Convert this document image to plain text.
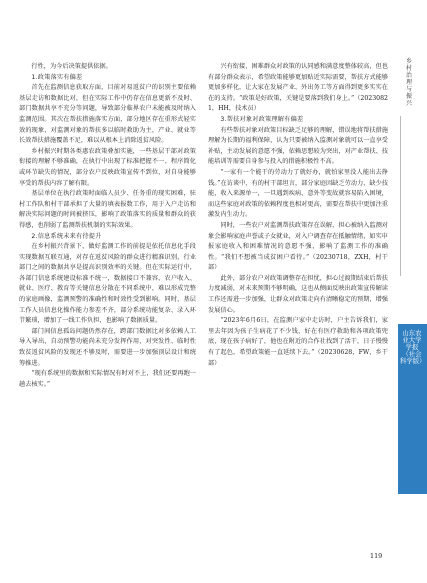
行性，为今后决策提供依据。

1.政策落实有偏差

首先在监测信息获取方面，目前对易返贫户的识别主要依赖基层走访和数据比对，但在实际工作中仍存在信息更新不及时、部门数据共享不充分等问题，导致部分临界农户未能被及时纳入监测范围。其次在帮扶措施落实方面，部分地区存在重形式轻实效的现象，对监测对象的帮扶多以临时救助为主，产业、就业等长效帮扶措施覆盖不足，难以从根本上消除返贫风险。

乡村振兴时期各类惠农政策叠加实施，一些基层干部对政策衔接的理解不够准确，在执行中出现了标准把握不一、程序简化或环节缺失的情况，部分农户反映政策宣传不到位，对自身能够享受的帮扶内容了解有限。

基层单位在执行政策时面临人员少、任务重的现实困难，驻村工作队和村干部承担了大量的填表报数工作，用于入户走访和解决实际问题的时间被挤压，影响了政策落实的质量和群众的获得感，也削弱了监测帮扶机制的实际效果。

2.信息系统未来有待提升

在乡村振兴背景下，做好监测工作的前提是依托信息化手段实现数据互联互通，对存在返贫风险的群众进行精准识别，行业部门之间的数据共享是提高识别效率的关键。但在实际运行中，各部门信息系统建设标准不统一，数据接口不兼容，农户收入、就业、医疗、教育等关键信息分散在不同系统中，难以形成完整的家庭画像，监测预警的准确性和时效性受到影响。同时，基层工作人员信息化操作能力参差不齐，部分系统功能复杂、录入环节繁琐，增加了一线工作负担，也影响了数据质量。

部门间信息孤岛问题仍然存在，跨部门数据比对多依赖人工导入导出，自动预警功能尚未充分发挥作用，对突发性、临时性致贫返贫风险的发现还不够及时，需要进一步加强顶层设计和统筹推进。

“现有系统里的数据和实际情况有时对不上，我们还要再跑一趟去核实。”

兴有衔接，困难群众对政策的认同感和满意度整体较高，但也有部分群众表示，希望政策能够更加贴近实际需要，帮扶方式能够更加多样化，让大家在发展产业、外出务工等方面得到更多实实在在的支持。“政策是好政策，关键是要落到我们身上。”（20230821，HH，技术员）

3.帮扶对象对政策理解有偏差

有些帮扶对象对政策目标缺乏足够的理解，错误地将帮扶措施理解为长期的福利保障，认为只要被纳入监测对象就可以一直享受补贴，主动发展的意愿不强，依赖思想较为突出，对产业帮扶、技能培训等需要自身参与投入的措施积极性不高。

“一家有一个能干的劳动力了就好办，就怕家里没人能出去挣钱。”在访谈中，有的村干部坦言，部分家庭因缺乏劳动力、缺少技能，收入来源单一，一旦遇到疾病、意外等变故就容易陷入困境，而这些家庭对政策的依赖程度也相对更高，需要在帮扶中更加注重激发内生动力。

同时，一些农户对监测帮扶政策存在误解，担心被纳入监测对象会影响家庭声誉或子女就业，对入户调查存在抵触情绪，如实申报家庭收入和困难情况的意愿不强，影响了监测工作的准确性。“我们不想被当成贫困户看待。”（20230718，ZXH，村干部）

此外，部分农户对政策调整存在担忧，担心过渡期结束后帮扶力度减弱，对未来预期不够明确，这也从侧面反映出政策宣传解读工作还需进一步加强，让群众对政策走向有清晰稳定的预期，增强发展信心。

“2023年6月6日，在监测户家中走访时，户主告诉我们，家里去年因为孩子生病花了不少钱，好在有医疗救助和各项政策兜底，现在孩子病好了，他也在附近的合作社找到了活干，日子慢慢有了起色，希望政策能一直延续下去。”（20230628，FW，乡干部）

乡村治理与振兴
山东农业大学学报（社会科学版）
119
